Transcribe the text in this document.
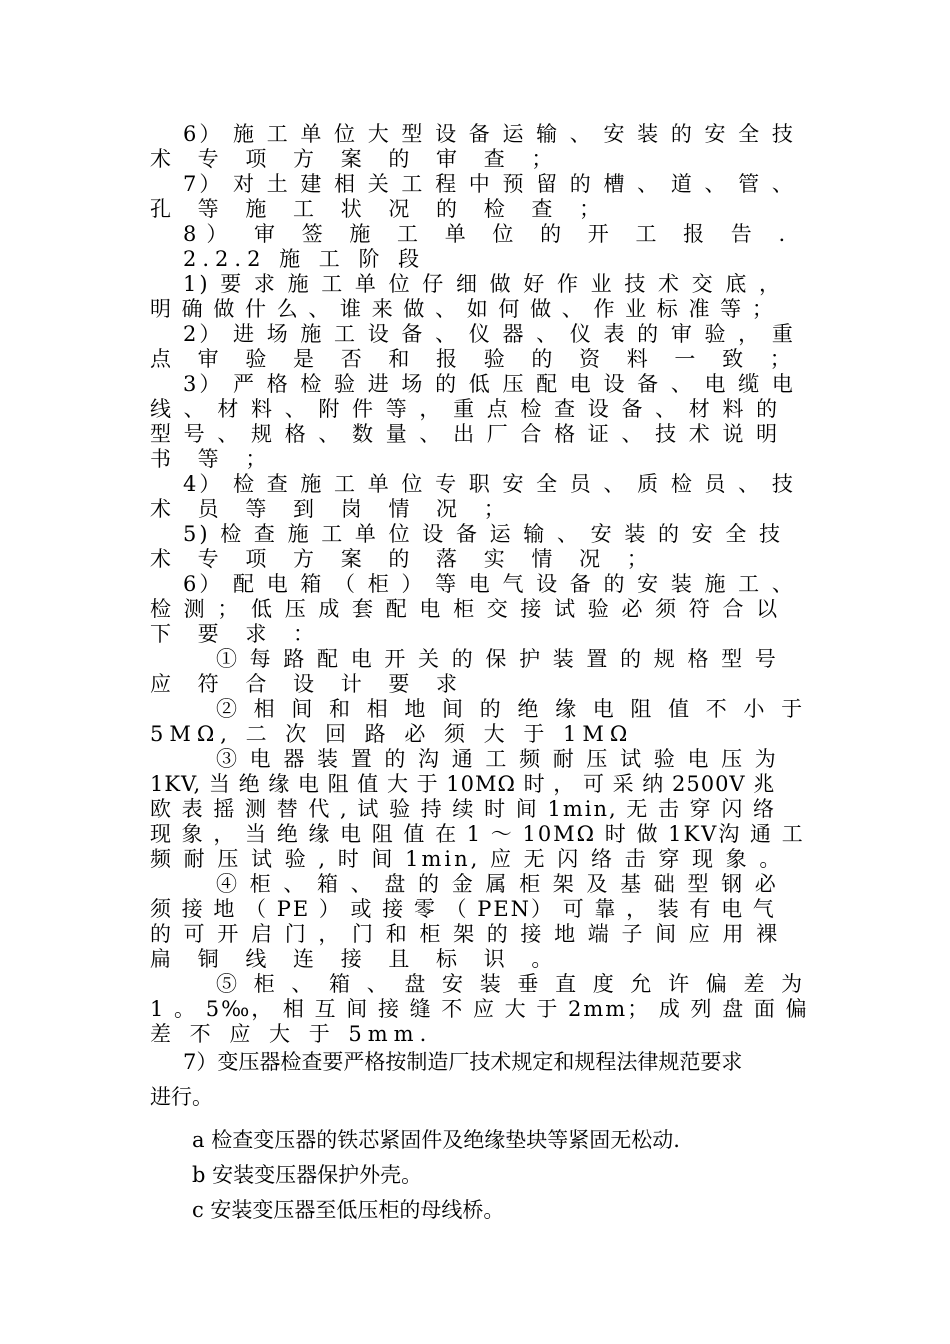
6） 施 工 单 位 大 型 设 备 运 输 、 安 装 的 安 全 技
术 专 项 方 案 的 审 查 ；
7） 对 土 建 相 关 工 程 中 预 留 的 槽 、 道 、 管 、
孔 等 施 工 状 况 的 检 查 ；
8） 审 签 施 工 单 位 的 开 工 报 告 .
2.2.2 施 工 阶 段
1) 要 求 施 工 单 位 仔 细 做 好 作 业 技 术 交 底 ，
明 确 做 什 么 、 谁 来 做 、 如 何 做 、 作 业 标 准 等 ；
2） 进 场 施 工 设 备 、 仪 器 、 仪 表 的 审 验 ， 重
点 审 验 是 否 和 报 验 的 资 料 一 致 ；
3） 严 格 检 验 进 场 的 低 压 配 电 设 备 、 电 缆 电
线 、 材 料 、 附 件 等 ， 重 点 检 查 设 备 、 材 料 的
型 号 、 规 格 、 数 量 、 出 厂 合 格 证 、 技 术 说 明
书 等 ；
4） 检 查 施 工 单 位 专 职 安 全 员 、 质 检 员 、 技
术 员 等 到 岗 情 况 ；
5) 检 查 施 工 单 位 设 备 运 输 、 安 装 的 安 全 技
术 专 项 方 案 的 落 实 情 况 ；
6） 配 电 箱 （ 柜 ） 等 电 气 设 备 的 安 装 施 工 、
检 测 ； 低 压 成 套 配 电 柜 交 接 试 验 必 须 符 合 以
下 要 求 ：
① 每 路 配 电 开 关 的 保 护 装 置 的 规 格 型 号
应 符 合 设 计 要 求
② 相 间 和 相 地 间 的 绝 缘 电 阻 值 不 小 于
5MΩ, 二 次 回 路 必 须 大 于 1MΩ
③ 电 器 装 置 的 沟 通 工 频 耐 压 试 验 电 压 为
1KV, 当 绝 缘 电 阻 值 大 于 10MΩ 时 ， 可 采 纳 2500V 兆
欧 表 摇 测 替 代 , 试 验 持 续 时 间 1min, 无 击 穿 闪 络
现 象 ， 当 绝 缘 电 阻 值 在 1 ～ 10MΩ 时 做 1KV沟 通 工
频 耐 压 试 验 , 时 间 1min, 应 无 闪 络 击 穿 现 象 。
④ 柜 、 箱 、 盘 的 金 属 柜 架 及 基 础 型 钢 必
须 接 地 （ PE ） 或 接 零 （ PEN） 可 靠 ， 装 有 电 气
的 可 开 启 门 ， 门 和 柜 架 的 接 地 端 子 间 应 用 裸
扁 铜 线 连 接 且 标 识 。
⑤ 柜 、 箱 、 盘 安 装 垂 直 度 允 许 偏 差 为
1 。 5‰， 相 互 间 接 缝 不 应 大 于 2mm； 成 列 盘 面 偏
差 不 应 大 于 5mm.
7）变压器检查要严格按制造厂技术规定和规程法律规范要求
进行。
a 检查变压器的铁芯紧固件及绝缘垫块等紧固无松动.
b 安装变压器保护外壳。
c 安装变压器至低压柜的母线桥。
